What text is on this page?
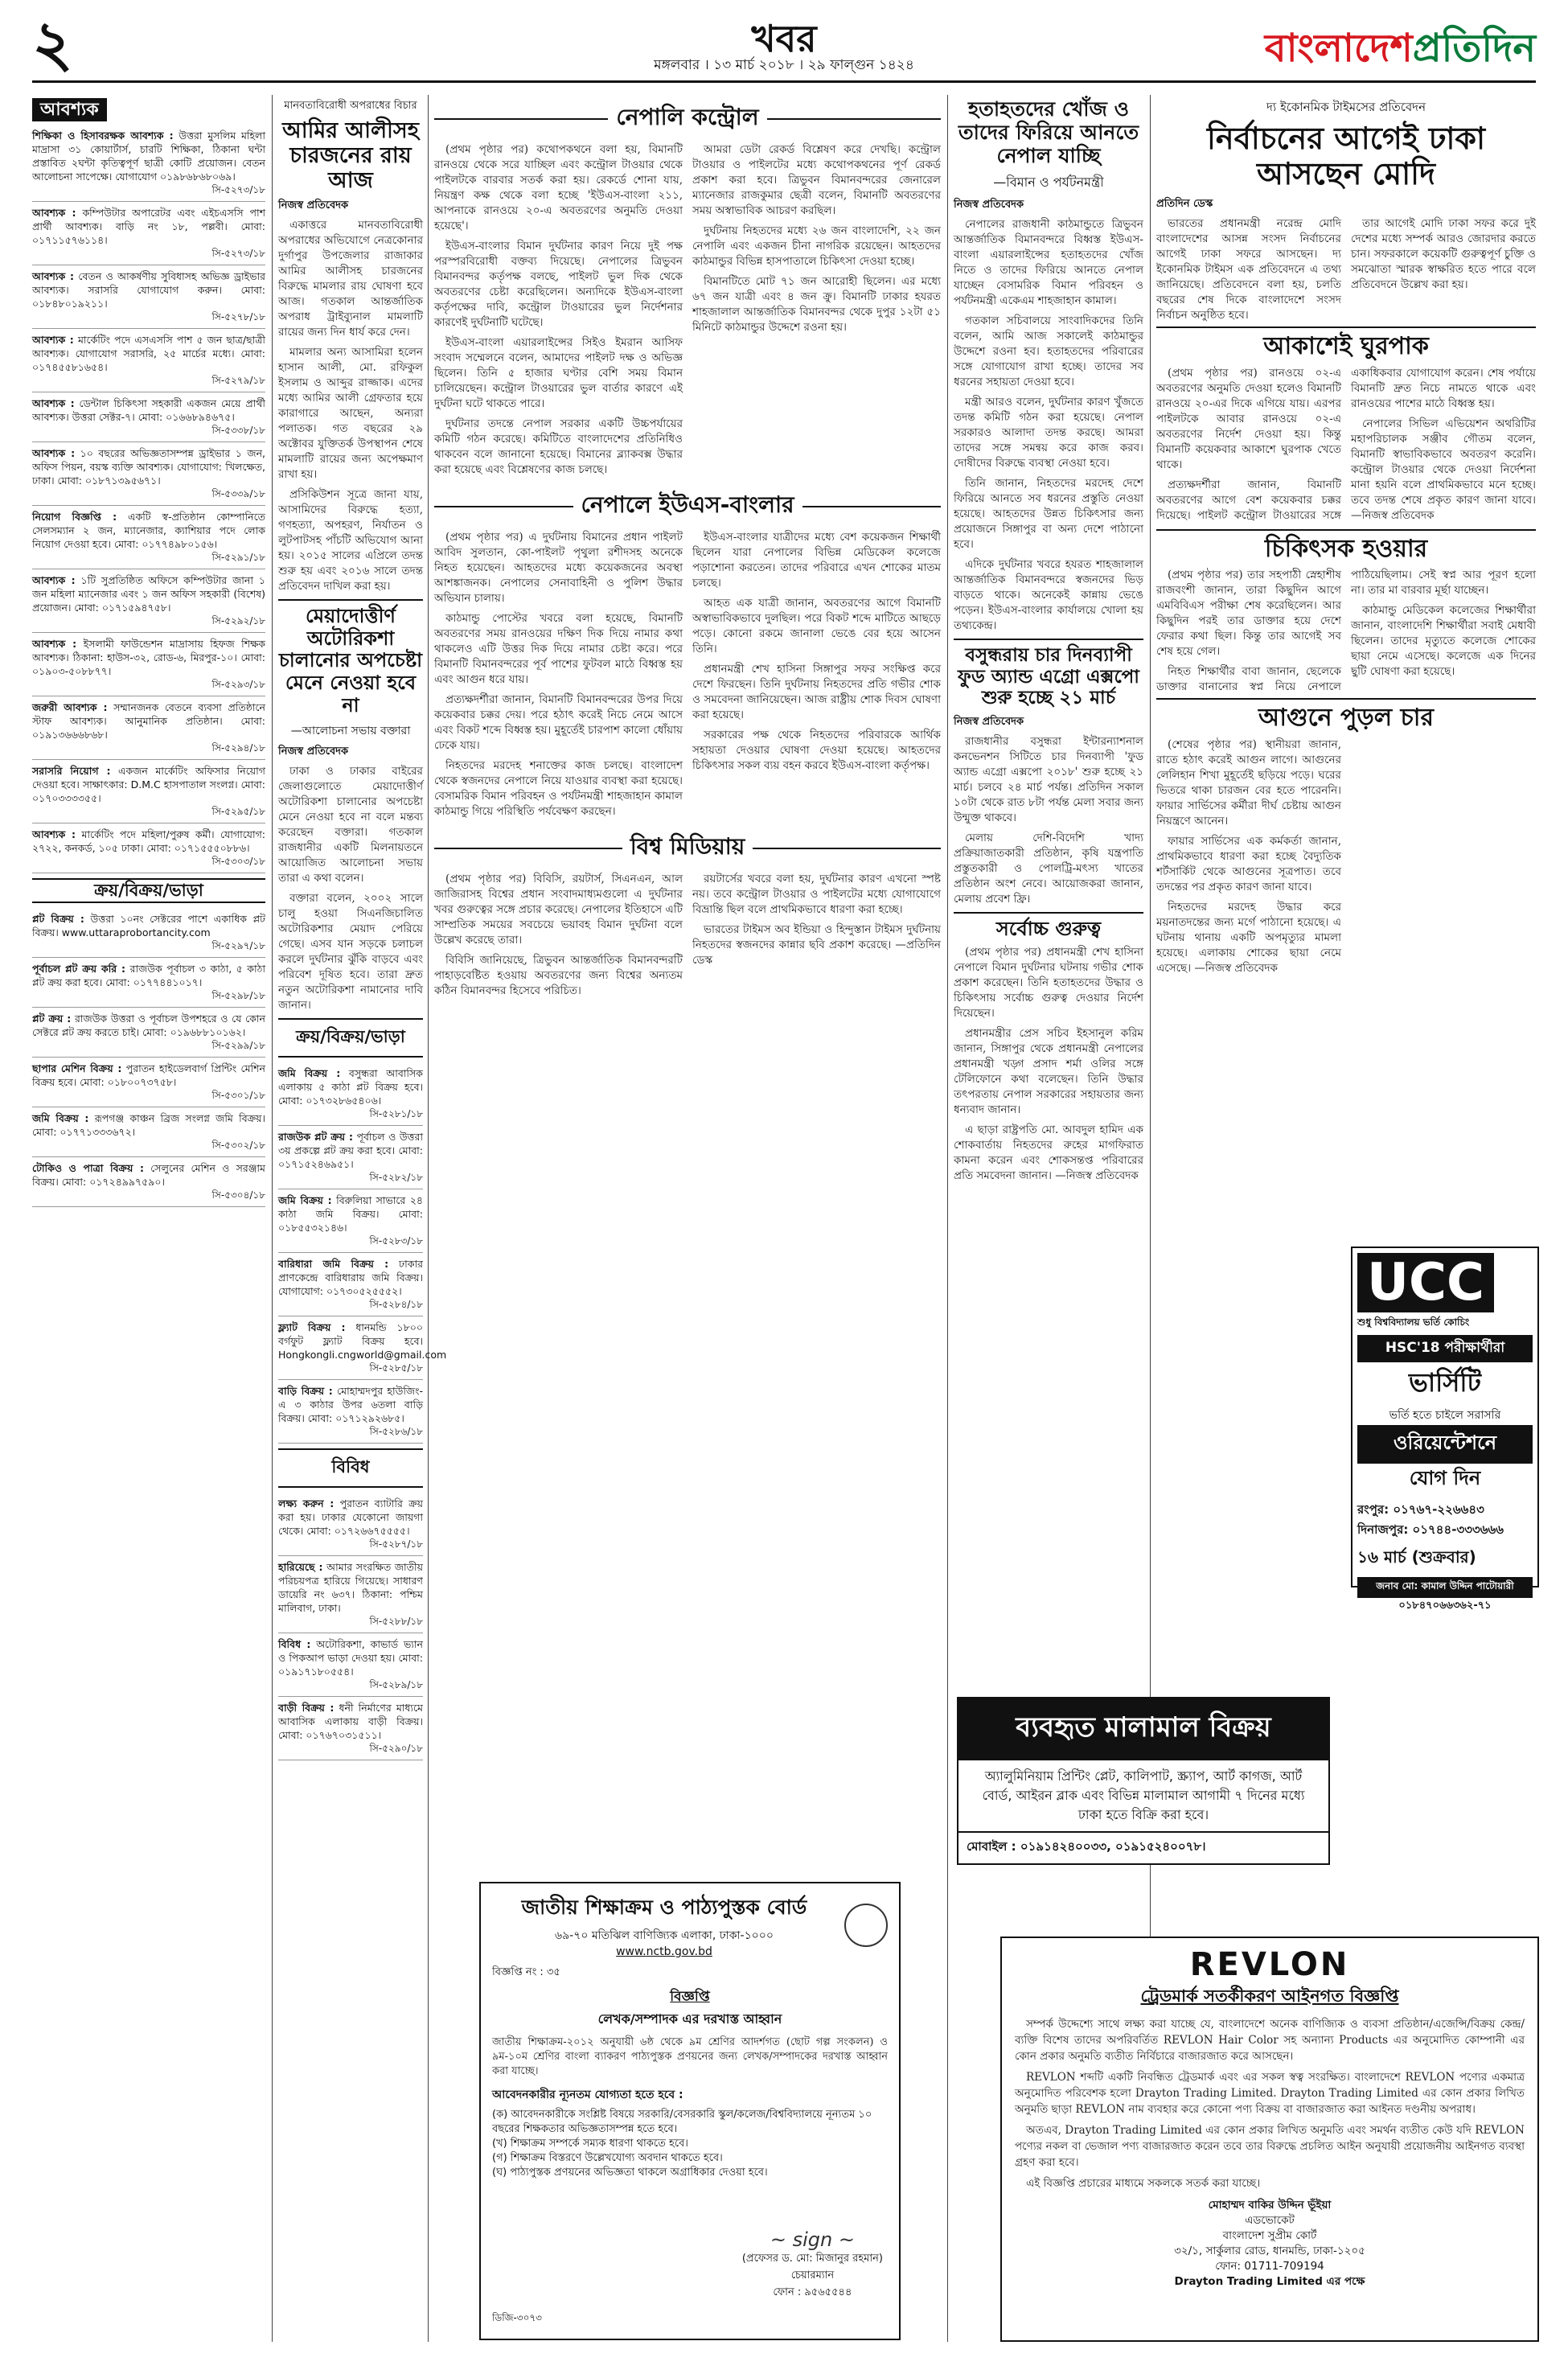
২	খবর
মঙ্গলবার । ১৩ মার্চ ২০১৮ । ২৯ ফাল্গুন ১৪২৪	বাংলাদেশপ্রতিদিন
আবশ্যক
শিক্ষিকা ও হিসাবরক্ষক আবশ্যক : উত্তরা মুসলিম মহিলা মাদ্রাসা ৩১ কোয়ার্টার্স, চারটি শিক্ষিকা, ঠিকানা ঘন্টা প্রস্তাবিত ২ঘন্টা কৃতিত্বপূর্ণ ছাত্রী কোটি প্রয়োজন। বেতন আলোচনা সাপেক্ষে। যোগাযোগ ০১৯৮৬৮৬৮০৬৯।
সি-৫২৭৩/১৮
আবশ্যক : কম্পিউটার অপারেটর এবং এইচএসসি পাশ প্রার্থী আবশ্যক। বাড়ি নং ১৮, পল্লবী। মোবা: ০১৭১১৫৭৬১১৪।
সি-৫২৭৩/১৮
আবশ্যক : বেতন ও আকর্ষণীয় সুবিধাসহ অভিজ্ঞ ড্রাইভার আবশ্যক। সরাসরি যোগাযোগ করুন। মোবা: ০১৮৪৮০১৯২১১।
সি-৫২৭৮/১৮
আবশ্যক : মার্কেটিং পদে এসএসসি পাশ ৫ জন ছাত্র/ছাত্রী আবশ্যক। যোগাযোগ সরাসরি, ২৫ মার্চের মধ্যে। মোবা: ০১৭৪৫৫৮১৬৫৪।
সি-৫২৭৯/১৮
আবশ্যক : ডেন্টাল চিকিৎসা সহকারী একজন মেয়ে প্রার্থী আবশ্যক। উত্তরা সেক্টর-৭। মোবা: ০১৬৬৮৯৪৬৭৫।
সি-৫৩৩৮/১৮
আবশ্যক : ১০ বছরের অভিজ্ঞতাসম্পন্ন ড্রাইভার ১ জন, অফিস পিয়ন, বয়স্ক ব্যক্তি আবশ্যক। যোগাযোগ: খিলক্ষেত, ঢাকা। মোবা: ০১৮৭১৩৯৫৬৭১।
সি-৫৩৩৯/১৮
নিয়োগ বিজ্ঞপ্তি : একটি স্ব-প্রতিষ্ঠান কোম্পানিতে সেলসম্যান ২ জন, ম্যানেজার, ক্যাশিয়ার পদে লোক নিয়োগ দেওয়া হবে। মোবা: ০১৭৭৪৯৮০১৫৬।
সি-৫২৯১/১৮
আবশ্যক : ১টি সুপ্রতিষ্ঠিত অফিসে কম্পিউটার জানা ১ জন মহিলা ম্যানেজার এবং ১ জন অফিস সহকারী (বিশেষ) প্রয়োজন। মোবা: ০১৭১৫৯৪৭৫৮।
সি-৫২৯২/১৮
আবশ্যক : ইসলামী ফাউন্ডেশন মাদ্রাসায় হিফজ শিক্ষক আবশ্যক। ঠিকানা: হাউস-৩২, রোড-৬, মিরপুর-১০। মোবা: ০১৯০৩-৫০৮৮৭৭।
সি-৫২৯৩/১৮
জরুরী আবশ্যক : সম্মানজনক বেতনে ব্যবসা প্রতিষ্ঠানে স্টাফ আবশ্যক। আনুমানিক প্রতিষ্ঠান। মোবা: ০১৯১৩৬৬৬৮৬৮।
সি-৫২৯৪/১৮
সরাসরি নিয়োগ : একজন মার্কেটিং অফিসার নিয়োগ দেওয়া হবে। সাক্ষাৎকার: D.M.C হাসপাতাল সংলগ্ন। মোবা: ০১৭০৩৩৩৩৫৫।
সি-৫২৯৫/১৮
আবশ্যক : মার্কেটিং পদে মহিলা/পুরুষ কর্মী। যোগাযোগ: ২৭২২, কনকর্ড, ১০৫ ঢাকা। মোবা: ০১৭১৫৫৫০৮৮৬।
সি-৫৩০৩/১৮
ক্রয়/বিক্রয়/ভাড়া
প্লট বিক্রয় : উত্তরা ১০নং সেক্টরের পাশে একাধিক প্লট বিক্রয়। www.uttaraprobortancity.com
সি-৫২৯৭/১৮
পূর্বাচল প্লট ক্রয় করি : রাজউক পূর্বাচল ৩ কাঠা, ৫ কাঠা প্লট ক্রয় করা হবে। মোবা: ০১৭৭৪৪১০১৭।
সি-৫২৯৮/১৮
প্লট ক্রয় : রাজউক উত্তরা ও পূর্বাচল উপশহরে ও যে কোন সেক্টরে প্লট ক্রয় করতে চাই। মোবা: ০১৯৬৮৮১০১৬২।
সি-৫২৯৯/১৮
ছাপার মেশিন বিক্রয় : পুরাতন হাইডেলবার্গ প্রিন্টিং মেশিন বিক্রয় হবে। মোবা: ০১৮০০৭৩৭৫৮।
সি-৫৩০১/১৮
জমি বিক্রয় : রূপগঞ্জ কাঞ্চন ব্রিজ সংলগ্ন জমি বিক্রয়। মোবা: ০১৭৭১৩৩৩৬৭২।
সি-৫৩০২/১৮
টোকিও ও পাত্রা বিক্রয় : সেলুনের মেশিন ও সরঞ্জাম বিক্রয়। মোবা: ০১৭২৪৯৯৭৫৯০।
সি-৫৩০৪/১৮
মানবতাবিরোধী অপরাধের বিচার
আমির আলীসহ চারজনের রায় আজ
নিজস্ব প্রতিবেদক

একাত্তরে মানবতাবিরোধী অপরাধের অভিযোগে নেত্রকোনার দুর্গাপুর উপজেলার রাজাকার আমির আলীসহ চারজনের বিরুদ্ধে মামলার রায় ঘোষণা হবে আজ। গতকাল আন্তর্জাতিক অপরাধ ট্রাইব্যুনাল মামলাটি রায়ের জন্য দিন ধার্য করে দেন।

মামলার অন্য আসামিরা হলেন হাসান আলী, মো. রফিকুল ইসলাম ও আব্দুর রাজ্জাক। এদের মধ্যে আমির আলী গ্রেফতার হয়ে কারাগারে আছেন, অন্যরা পলাতক। গত বছরের ২৯ অক্টোবর যুক্তিতর্ক উপস্থাপন শেষে মামলাটি রায়ের জন্য অপেক্ষমাণ রাখা হয়।

প্রসিকিউশন সূত্রে জানা যায়, আসামিদের বিরুদ্ধে হত্যা, গণহত্যা, অপহরণ, নির্যাতন ও লুটপাটসহ পাঁচটি অভিযোগ আনা হয়। ২০১৫ সালের এপ্রিলে তদন্ত শুরু হয় এবং ২০১৬ সালে তদন্ত প্রতিবেদন দাখিল করা হয়।

মেয়াদোত্তীর্ণ অটোরিকশা চালানোর অপচেষ্টা মেনে নেওয়া হবে না
—আলোচনা সভায় বক্তারা
নিজস্ব প্রতিবেদক

ঢাকা ও ঢাকার বাইরের জেলাগুলোতে মেয়াদোত্তীর্ণ অটোরিকশা চালানোর অপচেষ্টা মেনে নেওয়া হবে না বলে মন্তব্য করেছেন বক্তারা। গতকাল রাজধানীর একটি মিলনায়তনে আয়োজিত আলোচনা সভায় তারা এ কথা বলেন।

বক্তারা বলেন, ২০০২ সালে চালু হওয়া সিএনজিচালিত অটোরিকশার মেয়াদ পেরিয়ে গেছে। এসব যান সড়কে চলাচল করলে দুর্ঘটনার ঝুঁকি বাড়বে এবং পরিবেশ দূষিত হবে। তারা দ্রুত নতুন অটোরিকশা নামানোর দাবি জানান।

ক্রয়/বিক্রয়/ভাড়া
জমি বিক্রয় : বসুন্ধরা আবাসিক এলাকায় ৫ কাঠা প্লট বিক্রয় হবে। মোবা: ০১৭৩২৮৬৫৪০৬।
সি-৫২৮১/১৮
রাজউক প্লট ক্রয় : পূর্বাচল ও উত্তরা ৩য় প্রকল্পে প্লট ক্রয় করা হবে। মোবা: ০১৭১৫২৪৬৯৫১।
সি-৫২৮২/১৮
জমি বিক্রয় : বিরুলিয়া সাভারে ২৪ কাঠা জমি বিক্রয়। মোবা: ০১৮৫৫৩২১৪৬।
সি-৫২৮৩/১৮
বারিধারা জমি বিক্রয় : ঢাকার প্রাণকেন্দ্রে বারিধারায় জমি বিক্রয়। যোগাযোগ: ০১৭৩০৫২৫৫৫২।
সি-৫২৮৪/১৮
ফ্ল্যাট বিক্রয় : ধানমন্ডি ১৮০০ বর্গফুট ফ্ল্যাট বিক্রয় হবে। Hongkongli.cngworld@gmail.com
সি-৫২৮৫/১৮
বাড়ি বিক্রয় : মোহাম্মদপুর হাউজিং-এ ৩ কাঠার উপর ৬তলা বাড়ি বিক্রয়। মোবা: ০১৭১২৯২৬৮৫।
সি-৫২৮৬/১৮
বিবিধ
লক্ষ্য করুন : পুরাতন ব্যাটারি ক্রয় করা হয়। ঢাকার যেকোনো জায়গা থেকে। মোবা: ০১৭২৬৬৭৫৫৫৫।
সি-৫২৮৭/১৮
হারিয়েছে : আমার সংরক্ষিত জাতীয় পরিচয়পত্র হারিয়ে গিয়েছে। সাধারণ ডায়েরি নং ৬৩৭। ঠিকানা: পশ্চিম মালিবাগ, ঢাকা।
সি-৫২৮৮/১৮
বিবিধ : অটোরিকশা, কাভার্ড ভ্যান ও পিকআপ ভাড়া দেওয়া হয়। মোবা: ০১৯১৭১৮০৫৫৪।
সি-৫২৮৯/১৮
বাড়ী বিক্রয় : ধনী নির্মাণের মাধ্যমে আবাসিক এলাকায় বাড়ী বিক্রয়। মোবা: ০১৭৬৭০৩১৫১১।
সি-৫২৯০/১৮
নেপালি কন্ট্রোল

(প্রথম পৃষ্ঠার পর) কথোপকথনে বলা হয়, বিমানটি রানওয়ে থেকে সরে যাচ্ছিল এবং কন্ট্রোল টাওয়ার থেকে পাইলটকে বারবার সতর্ক করা হয়। রেকর্ডে শোনা যায়, নিয়ন্ত্রণ কক্ষ থেকে বলা হচ্ছে 'ইউএস-বাংলা ২১১, আপনাকে রানওয়ে ২০-এ অবতরণের অনুমতি দেওয়া হয়েছে'।

ইউএস-বাংলার বিমান দুর্ঘটনার কারণ নিয়ে দুই পক্ষ পরস্পরবিরোধী বক্তব্য দিয়েছে। নেপালের ত্রিভুবন বিমানবন্দর কর্তৃপক্ষ বলছে, পাইলট ভুল দিক থেকে অবতরণের চেষ্টা করেছিলেন। অন্যদিকে ইউএস-বাংলা কর্তৃপক্ষের দাবি, কন্ট্রোল টাওয়ারের ভুল নির্দেশনার কারণেই দুর্ঘটনাটি ঘটেছে।

ইউএস-বাংলা এয়ারলাইন্সের সিইও ইমরান আসিফ সংবাদ সম্মেলনে বলেন, আমাদের পাইলট দক্ষ ও অভিজ্ঞ ছিলেন। তিনি ৫ হাজার ঘণ্টার বেশি সময় বিমান চালিয়েছেন। কন্ট্রোল টাওয়ারের ভুল বার্তার কারণে এই দুর্ঘটনা ঘটে থাকতে পারে।

দুর্ঘটনার তদন্তে নেপাল সরকার একটি উচ্চপর্যায়ের কমিটি গঠন করেছে। কমিটিতে বাংলাদেশের প্রতিনিধিও থাকবেন বলে জানানো হয়েছে। বিমানের ব্ল্যাকবক্স উদ্ধার করা হয়েছে এবং বিশ্লেষণের কাজ চলছে।

আমরা ডেটা রেকর্ড বিশ্লেষণ করে দেখছি। কন্ট্রোল টাওয়ার ও পাইলটের মধ্যে কথোপকথনের পূর্ণ রেকর্ড প্রকাশ করা হবে। ত্রিভুবন বিমানবন্দরের জেনারেল ম্যানেজার রাজকুমার ছেত্রী বলেন, বিমানটি অবতরণের সময় অস্বাভাবিক আচরণ করছিল।

দুর্ঘটনায় নিহতদের মধ্যে ২৬ জন বাংলাদেশি, ২২ জন নেপালি এবং একজন চীনা নাগরিক রয়েছেন। আহতদের কাঠমান্ডুর বিভিন্ন হাসপাতালে চিকিৎসা দেওয়া হচ্ছে।

বিমানটিতে মোট ৭১ জন আরোহী ছিলেন। এর মধ্যে ৬৭ জন যাত্রী এবং ৪ জন ক্রু। বিমানটি ঢাকার হযরত শাহজালাল আন্তর্জাতিক বিমানবন্দর থেকে দুপুর ১২টা ৫১ মিনিটে কাঠমান্ডুর উদ্দেশে রওনা হয়।

নেপালে ইউএস-বাংলার

(প্রথম পৃষ্ঠার পর) এ দুর্ঘটনায় বিমানের প্রধান পাইলট আবিদ সুলতান, কো-পাইলট পৃথুলা রশীদসহ অনেকে নিহত হয়েছেন। আহতদের মধ্যে কয়েকজনের অবস্থা আশঙ্কাজনক। নেপালের সেনাবাহিনী ও পুলিশ উদ্ধার অভিযান চালায়।

কাঠমান্ডু পোস্টের খবরে বলা হয়েছে, বিমানটি অবতরণের সময় রানওয়ের দক্ষিণ দিক দিয়ে নামার কথা থাকলেও এটি উত্তর দিক দিয়ে নামার চেষ্টা করে। পরে বিমানটি বিমানবন্দরের পূর্ব পাশের ফুটবল মাঠে বিধ্বস্ত হয় এবং আগুন ধরে যায়।

প্রত্যক্ষদর্শীরা জানান, বিমানটি বিমানবন্দরের উপর দিয়ে কয়েকবার চক্কর দেয়। পরে হঠাৎ করেই নিচে নেমে আসে এবং বিকট শব্দে বিধ্বস্ত হয়। মুহূর্তেই চারপাশ কালো ধোঁয়ায় ঢেকে যায়।

নিহতদের মরদেহ শনাক্তের কাজ চলছে। বাংলাদেশ থেকে স্বজনদের নেপালে নিয়ে যাওয়ার ব্যবস্থা করা হয়েছে। বেসামরিক বিমান পরিবহন ও পর্যটনমন্ত্রী শাহজাহান কামাল কাঠমান্ডু গিয়ে পরিস্থিতি পর্যবেক্ষণ করছেন।

ইউএস-বাংলার যাত্রীদের মধ্যে বেশ কয়েকজন শিক্ষার্থী ছিলেন যারা নেপালের বিভিন্ন মেডিকেল কলেজে পড়াশোনা করতেন। তাদের পরিবারে এখন শোকের মাতম চলছে।

আহত এক যাত্রী জানান, অবতরণের আগে বিমানটি অস্বাভাবিকভাবে দুলছিল। পরে বিকট শব্দে মাটিতে আছড়ে পড়ে। কোনো রকমে জানালা ভেঙে বের হয়ে আসেন তিনি।

প্রধানমন্ত্রী শেখ হাসিনা সিঙ্গাপুর সফর সংক্ষিপ্ত করে দেশে ফিরছেন। তিনি দুর্ঘটনায় নিহতদের প্রতি গভীর শোক ও সমবেদনা জানিয়েছেন। আজ রাষ্ট্রীয় শোক দিবস ঘোষণা করা হয়েছে।

সরকারের পক্ষ থেকে নিহতদের পরিবারকে আর্থিক সহায়তা দেওয়ার ঘোষণা দেওয়া হয়েছে। আহতদের চিকিৎসার সকল ব্যয় বহন করবে ইউএস-বাংলা কর্তৃপক্ষ।

বিশ্ব মিডিয়ায়

(প্রথম পৃষ্ঠার পর) বিবিসি, রয়টার্স, সিএনএন, আল জাজিরাসহ বিশ্বের প্রধান সংবাদমাধ্যমগুলো এ দুর্ঘটনার খবর গুরুত্বের সঙ্গে প্রচার করেছে। নেপালের ইতিহাসে এটি সাম্প্রতিক সময়ের সবচেয়ে ভয়াবহ বিমান দুর্ঘটনা বলে উল্লেখ করেছে তারা।

বিবিসি জানিয়েছে, ত্রিভুবন আন্তর্জাতিক বিমানবন্দরটি পাহাড়বেষ্টিত হওয়ায় অবতরণের জন্য বিশ্বের অন্যতম কঠিন বিমানবন্দর হিসেবে পরিচিত।

রয়টার্সের খবরে বলা হয়, দুর্ঘটনার কারণ এখনো স্পষ্ট নয়। তবে কন্ট্রোল টাওয়ার ও পাইলটের মধ্যে যোগাযোগে বিভ্রান্তি ছিল বলে প্রাথমিকভাবে ধারণা করা হচ্ছে।

ভারতের টাইমস অব ইন্ডিয়া ও হিন্দুস্তান টাইমস দুর্ঘটনায় নিহতদের স্বজনদের কান্নার ছবি প্রকাশ করেছে। —প্রতিদিন ডেস্ক

জাতীয় শিক্ষাক্রম ও পাঠ্যপুস্তক বোর্ড
৬৯-৭০ মতিঝিল বাণিজ্যিক এলাকা, ঢাকা-১০০০
www.nctb.gov.bd
বিজ্ঞপ্তি নং : ৩৫
বিজ্ঞপ্তি
লেখক/সম্পাদক এর দরখাস্ত আহ্বান
জাতীয় শিক্ষাক্রম-২০১২ অনুযায়ী ৬ষ্ঠ থেকে ৯ম শ্রেণির আদর্শগত (ছোট গল্প সংকলন) ও ৯ম-১০ম শ্রেণির বাংলা ব্যাকরণ পাঠ্যপুস্তক প্রণয়নের জন্য লেখক/সম্পাদকের দরখাস্ত আহ্বান করা যাচ্ছে।
আবেদনকারীর ন্যূনতম যোগ্যতা হতে হবে :
(ক) আবেদনকারীকে সংশ্লিষ্ট বিষয়ে সরকারি/বেসরকারি স্কুল/কলেজ/বিশ্ববিদ্যালয়ে নূন্যতম ১০ বছরের শিক্ষকতার অভিজ্ঞতাসম্পন্ন হতে হবে।
(খ) শিক্ষাক্রম সম্পর্কে সম্যক ধারণা থাকতে হবে।
(গ) শিক্ষাক্রম বিস্তরণে উল্লেখযোগ্য অবদান থাকতে হবে।
(ঘ) পাঠ্যপুস্তক প্রণয়নের অভিজ্ঞতা থাকলে অগ্রাধিকার দেওয়া হবে।
~ sign ~
(প্রফেসর ড. মো: মিজানুর রহমান)
চেয়ারম্যান
ফোন : ৯৫৬৫৫৪৪
ডিজি-৩০৭৩
হতাহতদের খোঁজ ও তাদের ফিরিয়ে আনতে নেপাল যাচ্ছি
—বিমান ও পর্যটনমন্ত্রী
নিজস্ব প্রতিবেদক

নেপালের রাজধানী কাঠমান্ডুতে ত্রিভুবন আন্তর্জাতিক বিমানবন্দরে বিধ্বস্ত ইউএস-বাংলা এয়ারলাইন্সের হতাহতদের খোঁজ নিতে ও তাদের ফিরিয়ে আনতে নেপাল যাচ্ছেন বেসামরিক বিমান পরিবহন ও পর্যটনমন্ত্রী একেএম শাহজাহান কামাল।

গতকাল সচিবালয়ে সাংবাদিকদের তিনি বলেন, আমি আজ সকালেই কাঠমান্ডুর উদ্দেশে রওনা হব। হতাহতদের পরিবারের সঙ্গে যোগাযোগ রাখা হচ্ছে। তাদের সব ধরনের সহায়তা দেওয়া হবে।

মন্ত্রী আরও বলেন, দুর্ঘটনার কারণ খুঁজতে তদন্ত কমিটি গঠন করা হয়েছে। নেপাল সরকারও আলাদা তদন্ত করছে। আমরা তাদের সঙ্গে সমন্বয় করে কাজ করব। দোষীদের বিরুদ্ধে ব্যবস্থা নেওয়া হবে।

তিনি জানান, নিহতদের মরদেহ দেশে ফিরিয়ে আনতে সব ধরনের প্রস্তুতি নেওয়া হয়েছে। আহতদের উন্নত চিকিৎসার জন্য প্রয়োজনে সিঙ্গাপুর বা অন্য দেশে পাঠানো হবে।

এদিকে দুর্ঘটনার খবরে হযরত শাহজালাল আন্তর্জাতিক বিমানবন্দরে স্বজনদের ভিড় বাড়তে থাকে। অনেকেই কান্নায় ভেঙে পড়েন। ইউএস-বাংলার কার্যালয়ে খোলা হয় তথ্যকেন্দ্র।

বসুন্ধরায় চার দিনব্যাপী ফুড অ্যান্ড এগ্রো এক্সপো শুরু হচ্ছে ২১ মার্চ
নিজস্ব প্রতিবেদক

রাজধানীর বসুন্ধরা ইন্টারন্যাশনাল কনভেনশন সিটিতে চার দিনব্যাপী 'ফুড অ্যান্ড এগ্রো এক্সপো ২০১৮' শুরু হচ্ছে ২১ মার্চ। চলবে ২৪ মার্চ পর্যন্ত। প্রতিদিন সকাল ১০টা থেকে রাত ৮টা পর্যন্ত মেলা সবার জন্য উন্মুক্ত থাকবে।

মেলায় দেশি-বিদেশি খাদ্য প্রক্রিয়াজাতকারী প্রতিষ্ঠান, কৃষি যন্ত্রপাতি প্রস্তুতকারী ও পোলট্রি-মৎস্য খাতের প্রতিষ্ঠান অংশ নেবে। আয়োজকরা জানান, মেলায় প্রবেশ ফ্রি।

সর্বোচ্চ গুরুত্ব

(প্রথম পৃষ্ঠার পর) প্রধানমন্ত্রী শেখ হাসিনা নেপালে বিমান দুর্ঘটনার ঘটনায় গভীর শোক প্রকাশ করেছেন। তিনি হতাহতদের উদ্ধার ও চিকিৎসায় সর্বোচ্চ গুরুত্ব দেওয়ার নির্দেশ দিয়েছেন।

প্রধানমন্ত্রীর প্রেস সচিব ইহসানুল করিম জানান, সিঙ্গাপুর থেকে প্রধানমন্ত্রী নেপালের প্রধানমন্ত্রী খড়্গ প্রসাদ শর্মা ওলির সঙ্গে টেলিফোনে কথা বলেছেন। তিনি উদ্ধার তৎপরতায় নেপাল সরকারের সহায়তার জন্য ধন্যবাদ জানান।

এ ছাড়া রাষ্ট্রপতি মো. আবদুল হামিদ এক শোকবার্তায় নিহতদের রুহের মাগফিরাত কামনা করেন এবং শোকসন্তপ্ত পরিবারের প্রতি সমবেদনা জানান। —নিজস্ব প্রতিবেদক

ব্যবহৃত মালামাল বিক্রয়
অ্যালুমিনিয়াম প্রিন্টিং প্লেট, কালিপাট, স্ক্র্যাপ, আর্ট কাগজ, আর্ট বোর্ড, আইরন ব্লাক এবং বিভিন্ন মালামাল আগামী ৭ দিনের মধ্যে ঢাকা হতে বিক্রি করা হবে।
মোবাইল : ০১৯১৪২৪০০৩৩, ০১৯১৫২৪০০৭৮।
দ্য ইকোনমিক টাইমসের প্রতিবেদন
নির্বাচনের আগেই ঢাকা আসছেন মোদি
প্রতিদিন ডেস্ক

ভারতের প্রধানমন্ত্রী নরেন্দ্র মোদি বাংলাদেশের আসন্ন সংসদ নির্বাচনের আগেই ঢাকা সফরে আসছেন। দ্য ইকোনমিক টাইমস এক প্রতিবেদনে এ তথ্য জানিয়েছে। প্রতিবেদনে বলা হয়, চলতি বছরের শেষ দিকে বাংলাদেশে সংসদ নির্বাচন অনুষ্ঠিত হবে।

তার আগেই মোদি ঢাকা সফর করে দুই দেশের মধ্যে সম্পর্ক আরও জোরদার করতে চান। সফরকালে কয়েকটি গুরুত্বপূর্ণ চুক্তি ও সমঝোতা স্মারক স্বাক্ষরিত হতে পারে বলে প্রতিবেদনে উল্লেখ করা হয়।

আকাশেই ঘুরপাক

(প্রথম পৃষ্ঠার পর) রানওয়ে ০২-এ অবতরণের অনুমতি দেওয়া হলেও বিমানটি রানওয়ে ২০-এর দিকে এগিয়ে যায়। এরপর পাইলটকে আবার রানওয়ে ০২-এ অবতরণের নির্দেশ দেওয়া হয়। কিন্তু বিমানটি কয়েকবার আকাশে ঘুরপাক খেতে থাকে।

প্রত্যক্ষদর্শীরা জানান, বিমানটি অবতরণের আগে বেশ কয়েকবার চক্কর দিয়েছে। পাইলট কন্ট্রোল টাওয়ারের সঙ্গে একাধিকবার যোগাযোগ করেন। শেষ পর্যায়ে বিমানটি দ্রুত নিচে নামতে থাকে এবং রানওয়ের পাশের মাঠে বিধ্বস্ত হয়।

নেপালের সিভিল এভিয়েশন অথরিটির মহাপরিচালক সঞ্জীব গৌতম বলেন, বিমানটি স্বাভাবিকভাবে অবতরণ করেনি। কন্ট্রোল টাওয়ার থেকে দেওয়া নির্দেশনা মানা হয়নি বলে প্রাথমিকভাবে মনে হচ্ছে। তবে তদন্ত শেষে প্রকৃত কারণ জানা যাবে। —নিজস্ব প্রতিবেদক

চিকিৎসক হওয়ার

(প্রথম পৃষ্ঠার পর) তার সহপাঠী স্নেহাশীষ রাজবংশী জানান, তারা কিছুদিন আগে এমবিবিএস পরীক্ষা শেষ করেছিলেন। আর কিছুদিন পরই তার ডাক্তার হয়ে দেশে ফেরার কথা ছিল। কিন্তু তার আগেই সব শেষ হয়ে গেল।

নিহত শিক্ষার্থীর বাবা জানান, ছেলেকে ডাক্তার বানানোর স্বপ্ন নিয়ে নেপালে পাঠিয়েছিলাম। সেই স্বপ্ন আর পূরণ হলো না। তার মা বারবার মূর্ছা যাচ্ছেন।

কাঠমান্ডু মেডিকেল কলেজের শিক্ষার্থীরা জানান, বাংলাদেশি শিক্ষার্থীরা সবাই মেধাবী ছিলেন। তাদের মৃত্যুতে কলেজে শোকের ছায়া নেমে এসেছে। কলেজে এক দিনের ছুটি ঘোষণা করা হয়েছে।

আগুনে পুড়ল চার

(শেষের পৃষ্ঠার পর) স্থানীয়রা জানান, রাতে হঠাৎ করেই আগুন লাগে। আগুনের লেলিহান শিখা মুহূর্তেই ছড়িয়ে পড়ে। ঘরের ভিতরে থাকা চারজন বের হতে পারেননি। ফায়ার সার্ভিসের কর্মীরা দীর্ঘ চেষ্টায় আগুন নিয়ন্ত্রণে আনেন।

ফায়ার সার্ভিসের এক কর্মকর্তা জানান, প্রাথমিকভাবে ধারণা করা হচ্ছে বৈদ্যুতিক শর্টসার্কিট থেকে আগুনের সূত্রপাত। তবে তদন্তের পর প্রকৃত কারণ জানা যাবে।

নিহতদের মরদেহ উদ্ধার করে ময়নাতদন্তের জন্য মর্গে পাঠানো হয়েছে। এ ঘটনায় থানায় একটি অপমৃত্যুর মামলা হয়েছে। এলাকায় শোকের ছায়া নেমে এসেছে। —নিজস্ব প্রতিবেদক

UCC
শুধু বিশ্ববিদ্যালয় ভর্তি কোচিং
HSC'18 পরীক্ষার্থীরা
ভার্সিটি
ভর্তি হতে চাইলে সরাসরি
ওরিয়েন্টেশনে
যোগ দিন
রংপুর: ০১৭৬৭-২২৬৬৪৩
দিনাজপুর: ০১৭৪৪-৩৩৩৬৬৬
১৬ মার্চ (শুক্রবার)
জনাব মো: কামাল উদ্দিন পাটোয়ারী
০১৮৪৭০৬৬৩৬২-৭১
REVLON
ট্রেডমার্ক সতর্কীকরণ আইনগত বিজ্ঞপ্তি

সম্পর্ক উদ্দেশ্যে সাথে লক্ষ্য করা যাচ্ছে যে, বাংলাদেশে অনেক বাণিজ্যিক ও ব্যবসা প্রতিষ্ঠান/এজেন্সি/বিক্রয় কেন্দ্র/ ব্যক্তি বিশেষ তাদের অপরিবর্তিত REVLON Hair Color সহ অন্যান্য Products এর অনুমোদিত কোম্পানী এর কোন প্রকার অনুমতি ব্যতীত নির্বিচারে বাজারজাত করে আসছেন।

REVLON শব্দটি একটি নিবন্ধিত ট্রেডমার্ক এবং এর সকল স্বত্ব সংরক্ষিত। বাংলাদেশে REVLON পণ্যের একমাত্র অনুমোদিত পরিবেশক হলো Drayton Trading Limited. Drayton Trading Limited এর কোন প্রকার লিখিত অনুমতি ছাড়া REVLON নাম ব্যবহার করে কোনো পণ্য বিক্রয় বা বাজারজাত করা আইনত দণ্ডনীয় অপরাধ।

অতএব, Drayton Trading Limited এর কোন প্রকার লিখিত অনুমতি এবং সমর্থন ব্যতীত কেউ যদি REVLON পণ্যের নকল বা ভেজাল পণ্য বাজারজাত করেন তবে তার বিরুদ্ধে প্রচলিত আইন অনুযায়ী প্রয়োজনীয় আইনগত ব্যবস্থা গ্রহণ করা হবে।

এই বিজ্ঞপ্তি প্রচারের মাধ্যমে সকলকে সতর্ক করা যাচ্ছে।

মোহাম্মদ বাকির উদ্দিন ভূঁইয়া
এডভোকেট
বাংলাদেশ সুপ্রীম কোর্ট
৩২/১, সার্কুলার রোড, ধানমন্ডি, ঢাকা-১২০৫
ফোন: 01711-709194
Drayton Trading Limited এর পক্ষে
